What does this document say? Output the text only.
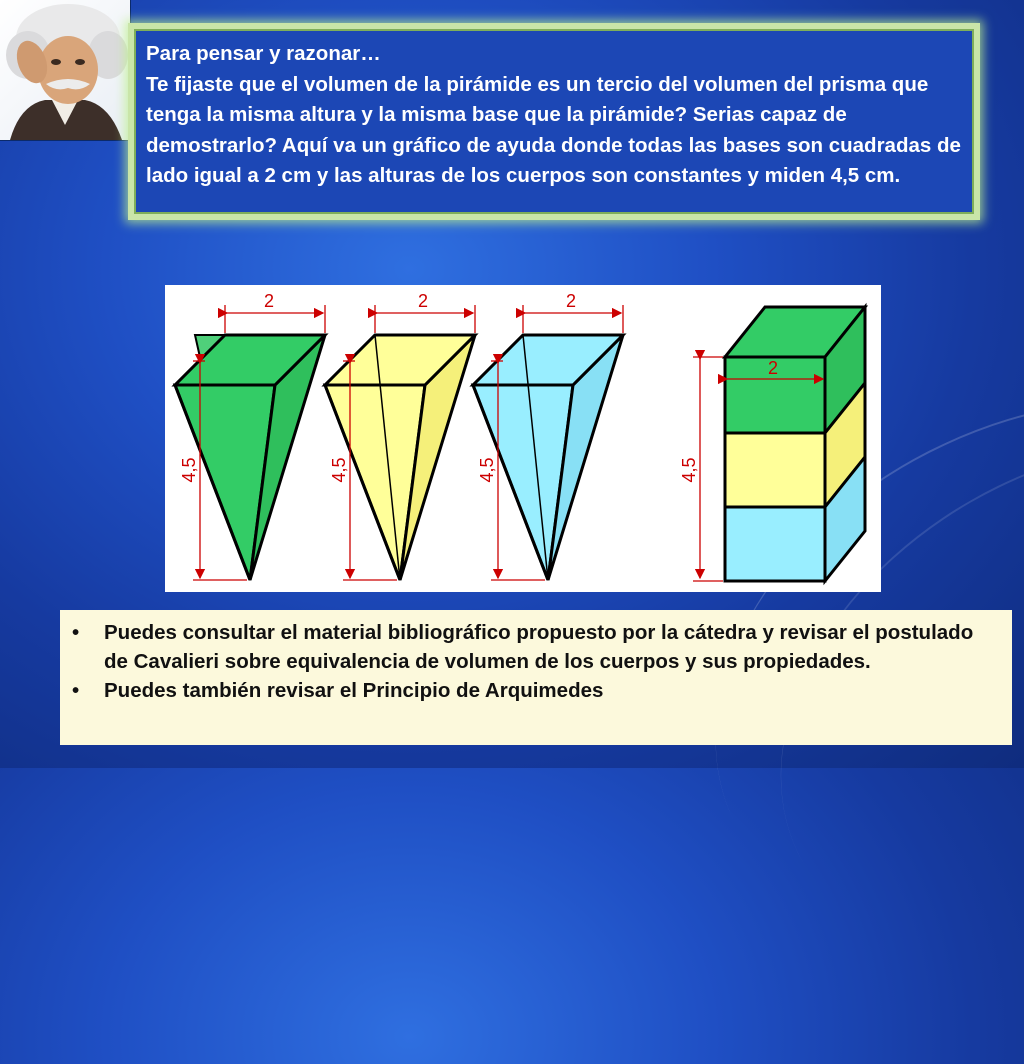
Para pensar y razonar…

Te fijaste que el volumen de la pirámide es un tercio del volumen del prisma que tenga la misma altura y la misma base que la pirámide? Serias capaz de demostrarlo? Aquí va un gráfico de ayuda donde todas las bases son cuadradas de lado igual a 2 cm y las alturas de los cuerpos son constantes y miden 4,5 cm.

2	2	2
2
4,5	4,5	4,5	4,5
• Puedes consultar el material bibliográfico propuesto por la cátedra y revisar el postulado de Cavalieri sobre equivalencia de volumen de los cuerpos y sus propiedades.
• Puedes también revisar el Principio de Arquimedes
